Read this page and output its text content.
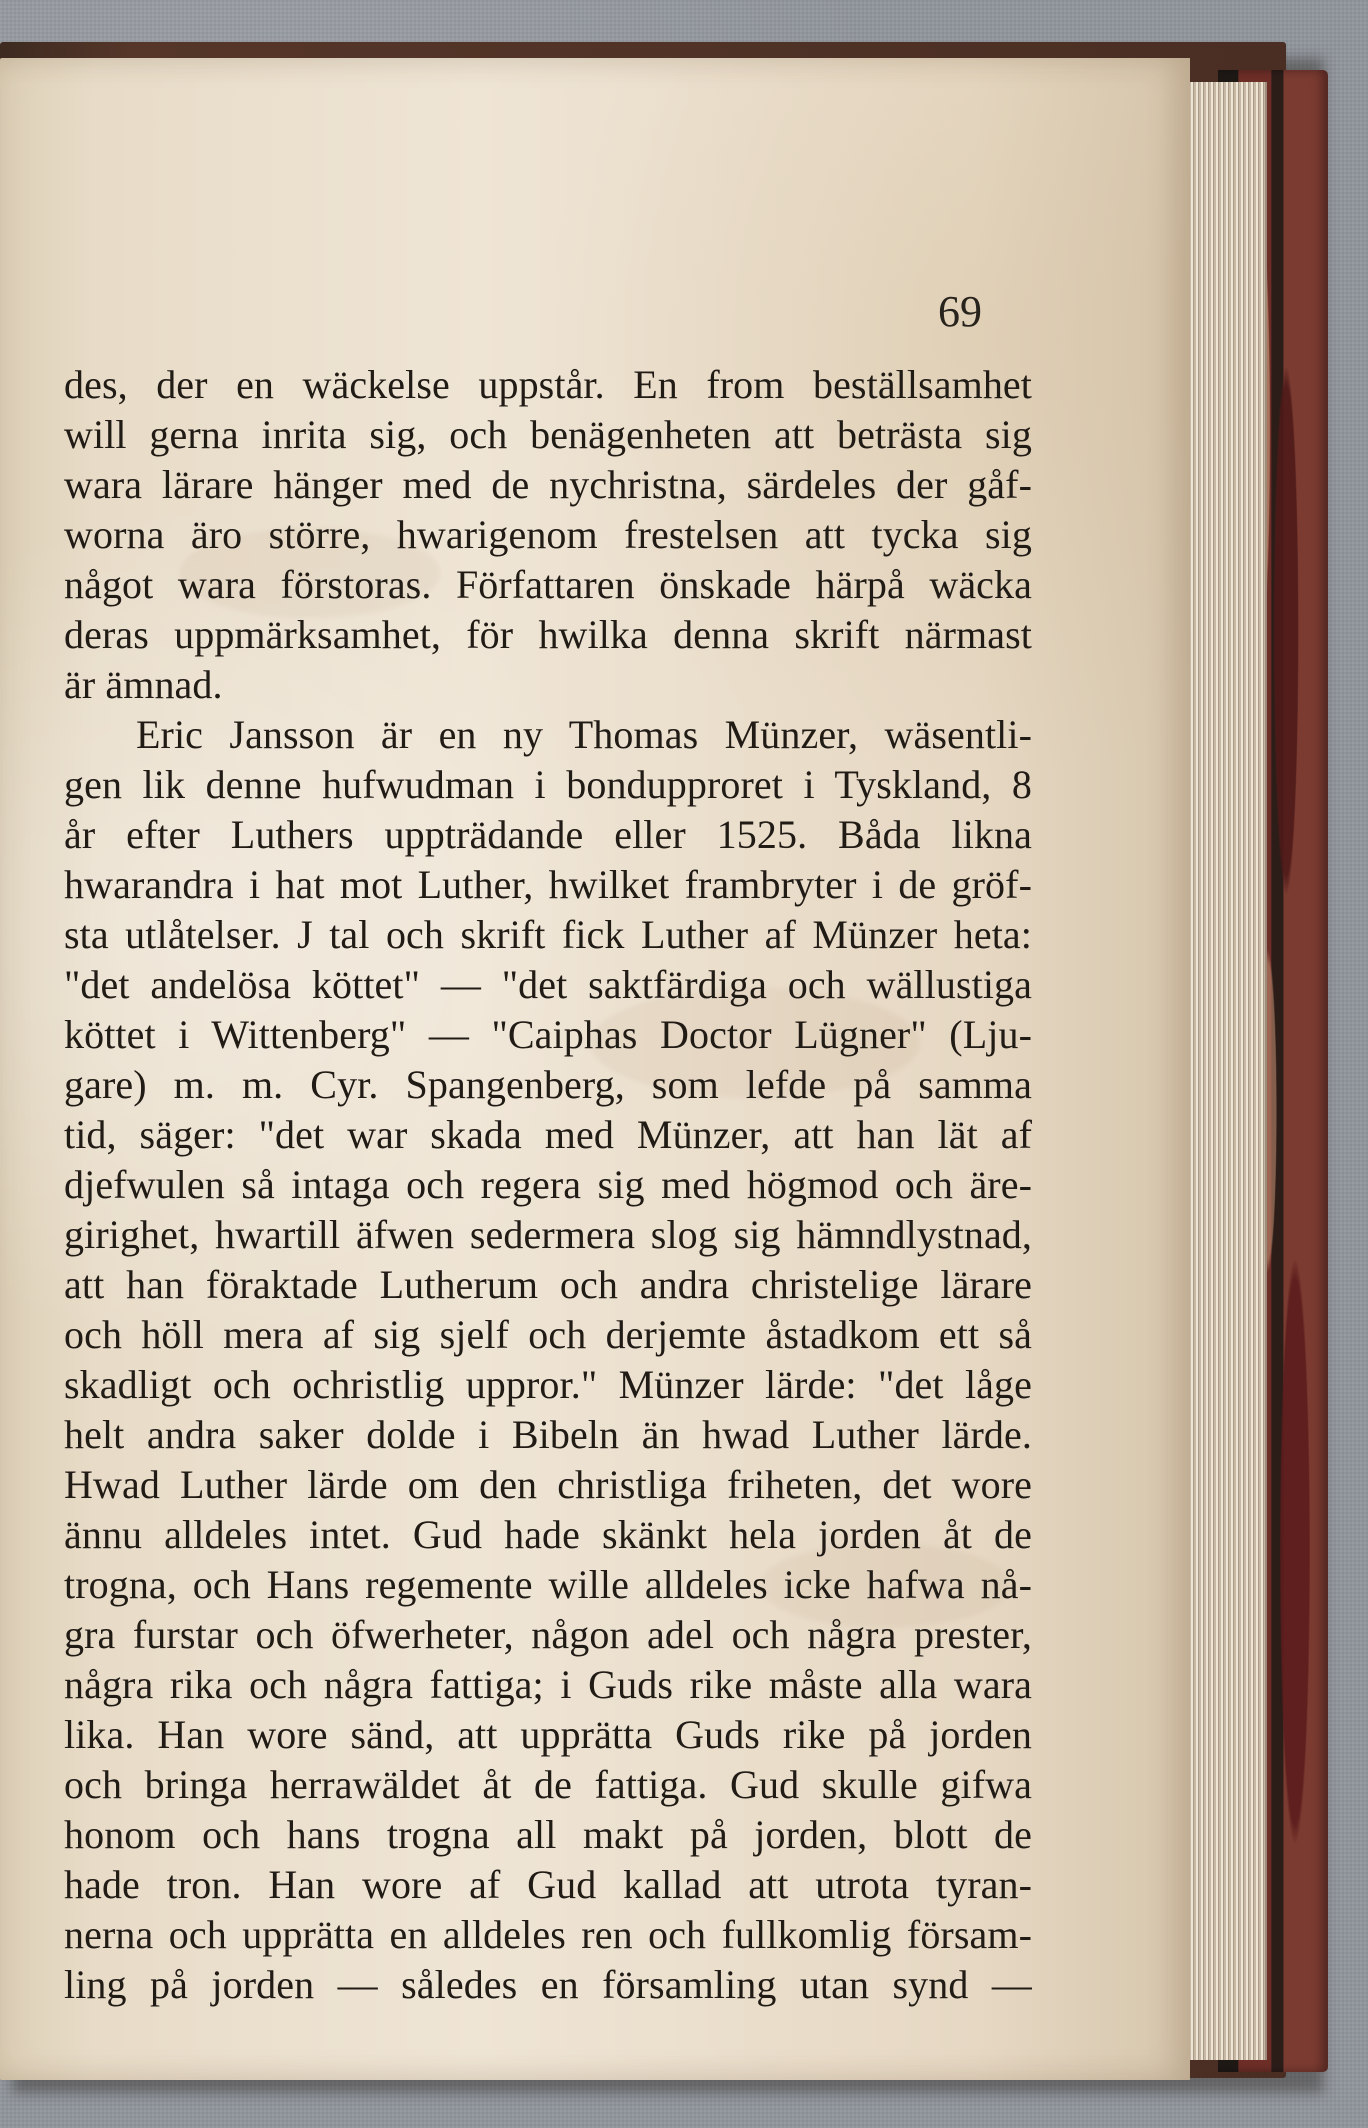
69
des, der en wäckelse uppstår. En from beställsamhet
will gerna inrita sig, och benägenheten att beträsta sig
wara lärare hänger med de nychristna, särdeles der gåf-
worna äro större, hwarigenom frestelsen att tycka sig
något wara förstoras. Författaren önskade härpå wäcka
deras uppmärksamhet, för hwilka denna skrift närmast
är ämnad.
Eric Jansson är en ny Thomas Münzer, wäsentli-
gen lik denne hufwudman i bondupproret i Tyskland, 8
år efter Luthers uppträdande eller 1525. Båda likna
hwarandra i hat mot Luther, hwilket frambryter i de gröf-
sta utlåtelser. J tal och skrift fick Luther af Münzer heta:
"det andelösa köttet" — "det saktfärdiga och wällustiga
köttet i Wittenberg" — "Caiphas Doctor Lügner" (Lju-
gare) m. m. Cyr. Spangenberg, som lefde på samma
tid, säger: "det war skada med Münzer, att han lät af
djefwulen så intaga och regera sig med högmod och äre-
girighet, hwartill äfwen sedermera slog sig hämndlystnad,
att han föraktade Lutherum och andra christelige lärare
och höll mera af sig sjelf och derjemte åstadkom ett så
skadligt och ochristlig uppror." Münzer lärde: "det låge
helt andra saker dolde i Bibeln än hwad Luther lärde.
Hwad Luther lärde om den christliga friheten, det wore
ännu alldeles intet. Gud hade skänkt hela jorden åt de
trogna, och Hans regemente wille alldeles icke hafwa nå-
gra furstar och öfwerheter, någon adel och några prester,
några rika och några fattiga; i Guds rike måste alla wara
lika. Han wore sänd, att upprätta Guds rike på jorden
och bringa herrawäldet åt de fattiga. Gud skulle gifwa
honom och hans trogna all makt på jorden, blott de
hade tron. Han wore af Gud kallad att utrota tyran-
nerna och upprätta en alldeles ren och fullkomlig försam-
ling på jorden — således en församling utan synd —
